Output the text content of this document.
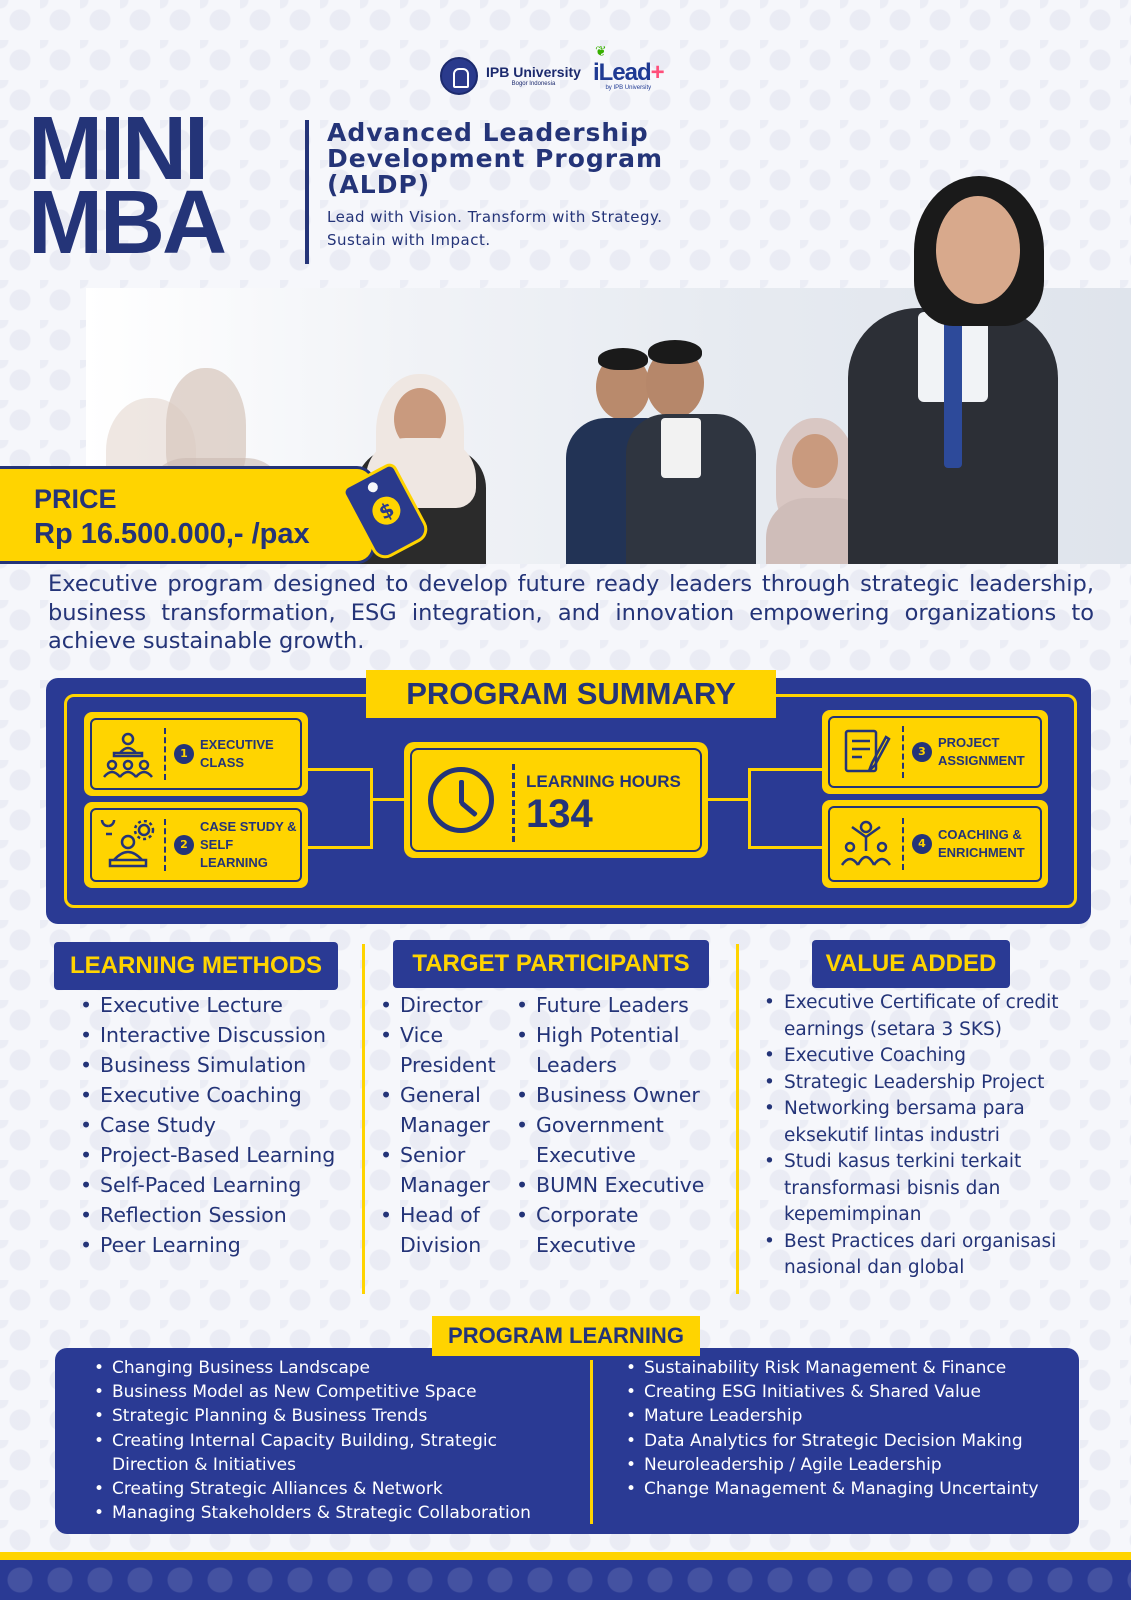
IPB University
Bogor Indonesia
❦
iLead+
by IPB University
MINI
MBA
Advanced Leadership
Development Program
(ALDP)
Lead with Vision. Transform with Strategy.
Sustain with Impact.
PRICE
Rp 16.500.000,- /pax
$
Executive program designed to develop future ready leaders through strategic leadership, business transformation, ESG integration, and innovation empowering organizations to achieve sustainable growth.
PROGRAM SUMMARY
1
EXECUTIVE
CLASS
2
CASE STUDY &
SELF LEARNING
LEARNING HOURS
134
3
PROJECT
ASSIGNMENT
4
COACHING &
ENRICHMENT
LEARNING METHODS
• Executive Lecture
• Interactive Discussion
• Business Simulation
• Executive Coaching
• Case Study
• Project-Based Learning
• Self-Paced Learning
• Reflection Session
• Peer Learning
TARGET PARTICIPANTS
• Director
• Vice President
• General Manager
• Senior Manager
• Head of Division
• Future Leaders
• High Potential Leaders
• Business Owner
• Government Executive
• BUMN Executive
• Corporate Executive
VALUE ADDED
• Executive Certificate of credit earnings (setara 3 SKS)
• Executive Coaching
• Strategic Leadership Project
• Networking bersama para eksekutif lintas industri
• Studi kasus terkini terkait transformasi bisnis dan kepemimpinan
• Best Practices dari organisasi nasional dan global
PROGRAM LEARNING
• Changing Business Landscape
• Business Model as New Competitive Space
• Strategic Planning & Business Trends
• Creating Internal Capacity Building, Strategic Direction & Initiatives
• Creating Strategic Alliances & Network
• Managing Stakeholders & Strategic Collaboration
• Sustainability Risk Management & Finance
• Creating ESG Initiatives & Shared Value
• Mature Leadership
• Data Analytics for Strategic Decision Making
• Neuroleadership / Agile Leadership
• Change Management & Managing Uncertainty
